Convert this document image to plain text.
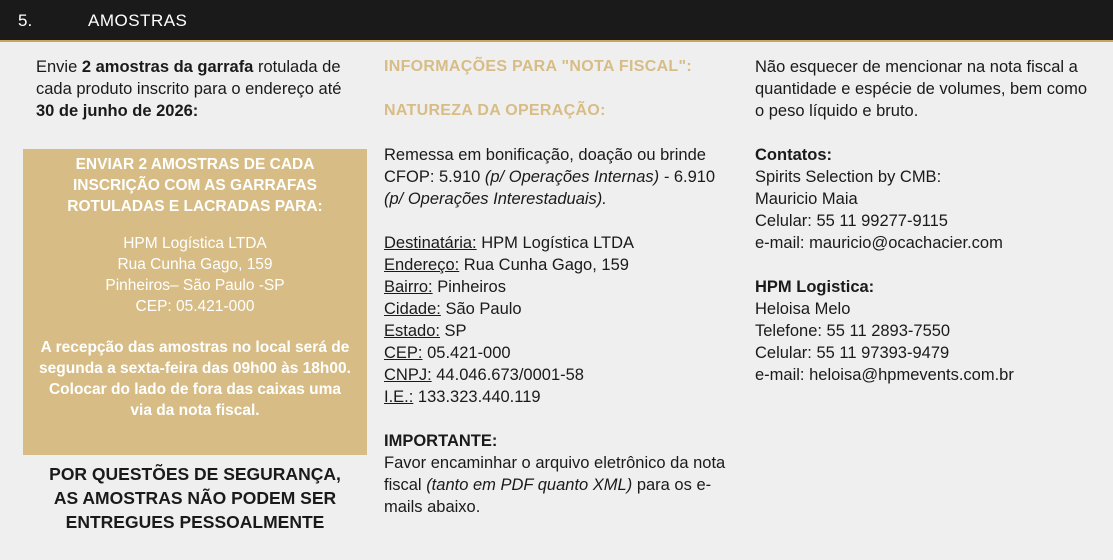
5.	AMOSTRAS
Envie 2 amostras da garrafa rotulada de cada produto inscrito para o endereço até 30 de junho de 2026:
ENVIAR 2 AMOSTRAS DE CADA
INSCRIÇÃO COM AS GARRAFAS
ROTULADAS E LACRADAS PARA:
HPM Logística LTDA
Rua Cunha Gago, 159
Pinheiros– São Paulo -SP
CEP: 05.421-000
A recepção das amostras no local será de
segunda a sexta-feira das 09h00 às 18h00.
Colocar do lado de fora das caixas uma
via da nota fiscal.
POR QUESTÕES DE SEGURANÇA,
AS AMOSTRAS NÃO PODEM SER
ENTREGUES PESSOALMENTE
INFORMAÇÕES PARA "NOTA FISCAL":
NATUREZA DA OPERAÇÃO:
Remessa em bonificação, doação ou brinde CFOP: 5.910 (p/ Operações Internas) - 6.910 (p/ Operações Interestaduais).
Destinatária: HPM Logística LTDA
Endereço: Rua Cunha Gago, 159
Bairro: Pinheiros
Cidade: São Paulo
Estado: SP
CEP: 05.421-000
CNPJ: 44.046.673/0001-58
I.E.: 133.323.440.119
IMPORTANTE:
Favor encaminhar o arquivo eletrônico da nota fiscal (tanto em PDF quanto XML) para os e-mails abaixo.
Não esquecer de mencionar na nota fiscal a quantidade e espécie de volumes, bem como o peso líquido e bruto.
Contatos:
Spirits Selection by CMB:
Mauricio Maia
Celular: 55 11 99277-9115
e-mail: mauricio@ocachacier.com
HPM Logistica:
Heloisa Melo
Telefone: 55 11 2893-7550
Celular: 55 11 97393-9479
e-mail: heloisa@hpmevents.com.br
